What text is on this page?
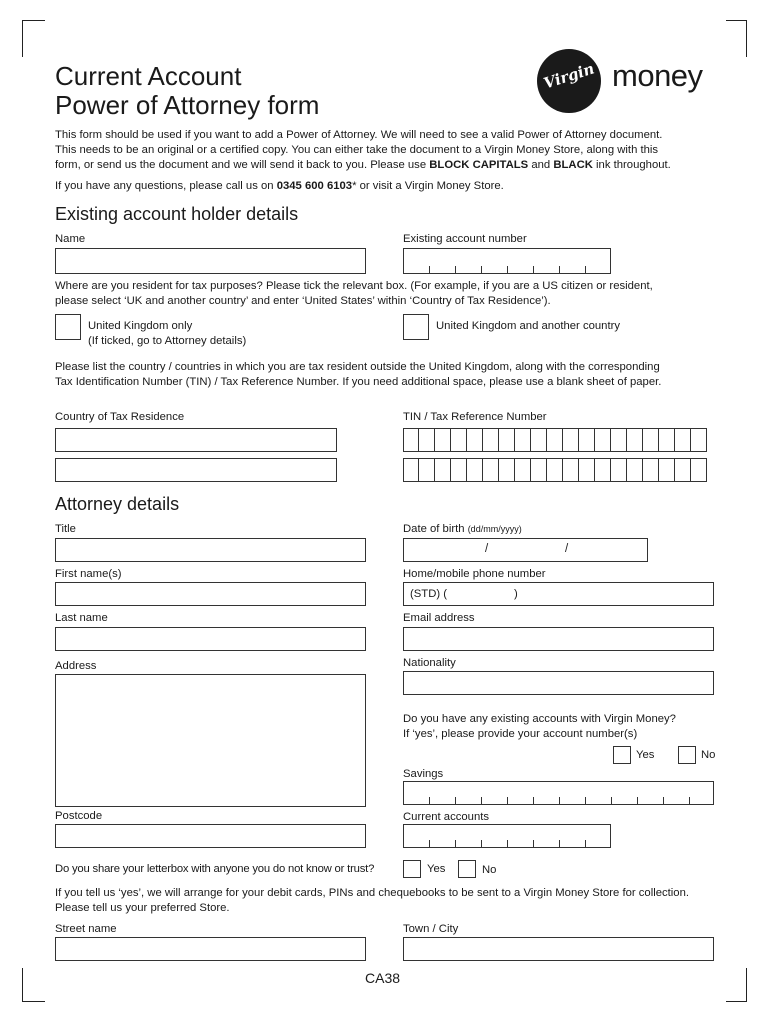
Current Account
Power of Attorney form
Virgin money
This form should be used if you want to add a Power of Attorney. We will need to see a valid Power of Attorney document. This needs to be an original or a certified copy. You can either take the document to a Virgin Money Store, along with this form, or send us the document and we will send it back to you. Please use BLOCK CAPITALS and BLACK ink throughout.
If you have any questions, please call us on 0345 600 6103* or visit a Virgin Money Store.
Existing account holder details
Name	Existing account number
Where are you resident for tax purposes? Please tick the relevant box. (For example, if you are a US citizen or resident, please select ‘UK and another country’ and enter ‘United States’ within ‘Country of Tax Residence’).
United Kingdom only
(If ticked, go to Attorney details)
United Kingdom and another country
Please list the country / countries in which you are tax resident outside the United Kingdom, along with the corresponding Tax Identification Number (TIN) / Tax Reference Number. If you need additional space, please use a blank sheet of paper.
Country of Tax Residence	TIN / Tax Reference Number
Attorney details
Title	Date of birth (dd/mm/yyyy)
/	/
First name(s)	Home/mobile phone number
(STD) (	)
Last name	Email address
Address	Nationality
Do you have any existing accounts with Virgin Money?
If ‘yes’, please provide your account number(s)
Yes	No
Savings
Postcode	Current accounts
Do you share your letterbox with anyone you do not know or trust?	Yes	No
If you tell us ‘yes’, we will arrange for your debit cards, PINs and chequebooks to be sent to a Virgin Money Store for collection. Please tell us your preferred Store.
Street name	Town / City
CA38
